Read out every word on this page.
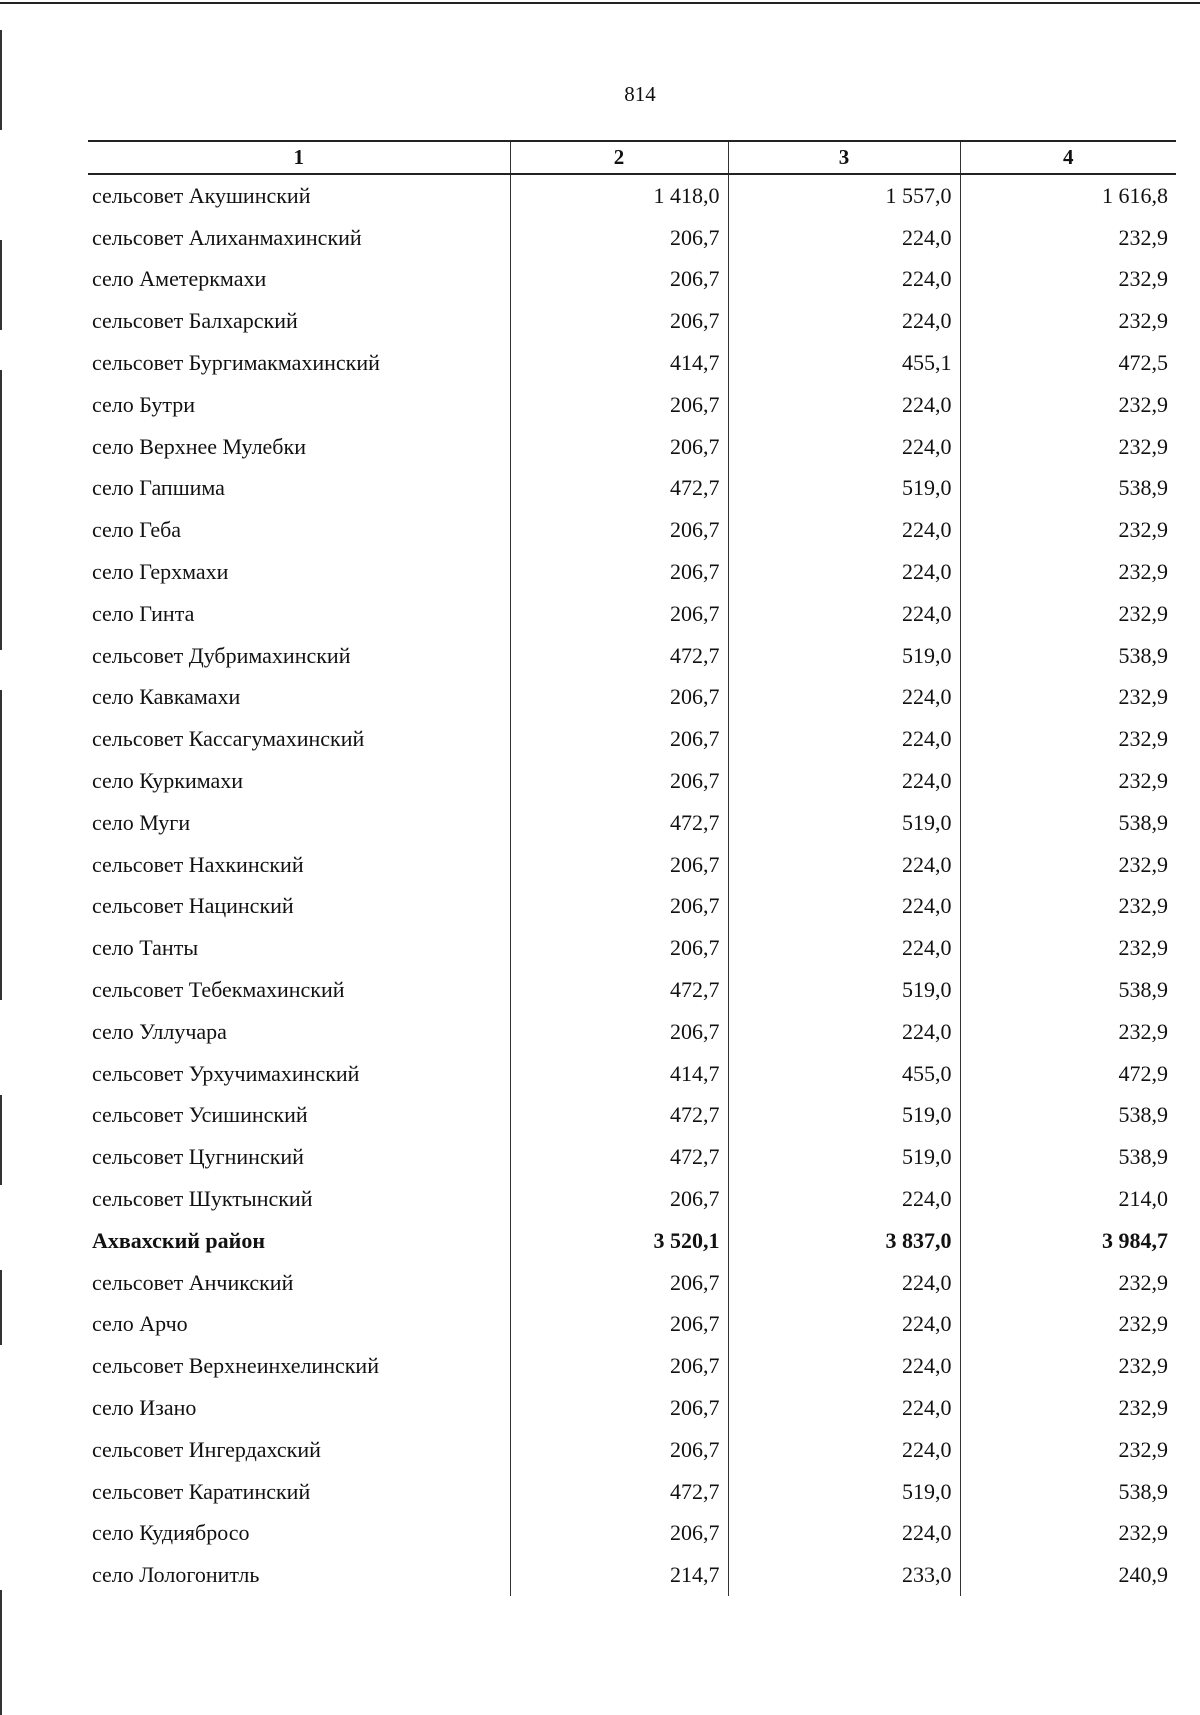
814
1	2	3	4
сельсовет Акушинский	1 418,0	1 557,0	1 616,8
сельсовет Алиханмахинский	206,7	224,0	232,9
село Аметеркмахи	206,7	224,0	232,9
сельсовет Балхарский	206,7	224,0	232,9
сельсовет Бургимакмахинский	414,7	455,1	472,5
село Бутри	206,7	224,0	232,9
село Верхнее Мулебки	206,7	224,0	232,9
село Гапшима	472,7	519,0	538,9
село Геба	206,7	224,0	232,9
село Герхмахи	206,7	224,0	232,9
село Гинта	206,7	224,0	232,9
сельсовет Дубримахинский	472,7	519,0	538,9
село Кавкамахи	206,7	224,0	232,9
сельсовет Кассагумахинский	206,7	224,0	232,9
село Куркимахи	206,7	224,0	232,9
село Муги	472,7	519,0	538,9
сельсовет Нахкинский	206,7	224,0	232,9
сельсовет Нацинский	206,7	224,0	232,9
село Танты	206,7	224,0	232,9
сельсовет Тебекмахинский	472,7	519,0	538,9
село Уллучара	206,7	224,0	232,9
сельсовет Урхучимахинский	414,7	455,0	472,9
сельсовет Усишинский	472,7	519,0	538,9
сельсовет Цугнинский	472,7	519,0	538,9
сельсовет Шуктынский	206,7	224,0	214,0
Ахвахский район	3 520,1	3 837,0	3 984,7
сельсовет Анчикский	206,7	224,0	232,9
село Арчо	206,7	224,0	232,9
сельсовет Верхнеинхелинский	206,7	224,0	232,9
село Изано	206,7	224,0	232,9
сельсовет Ингердахский	206,7	224,0	232,9
сельсовет Каратинский	472,7	519,0	538,9
село Кудиябросо	206,7	224,0	232,9
село Лологонитль	214,7	233,0	240,9
